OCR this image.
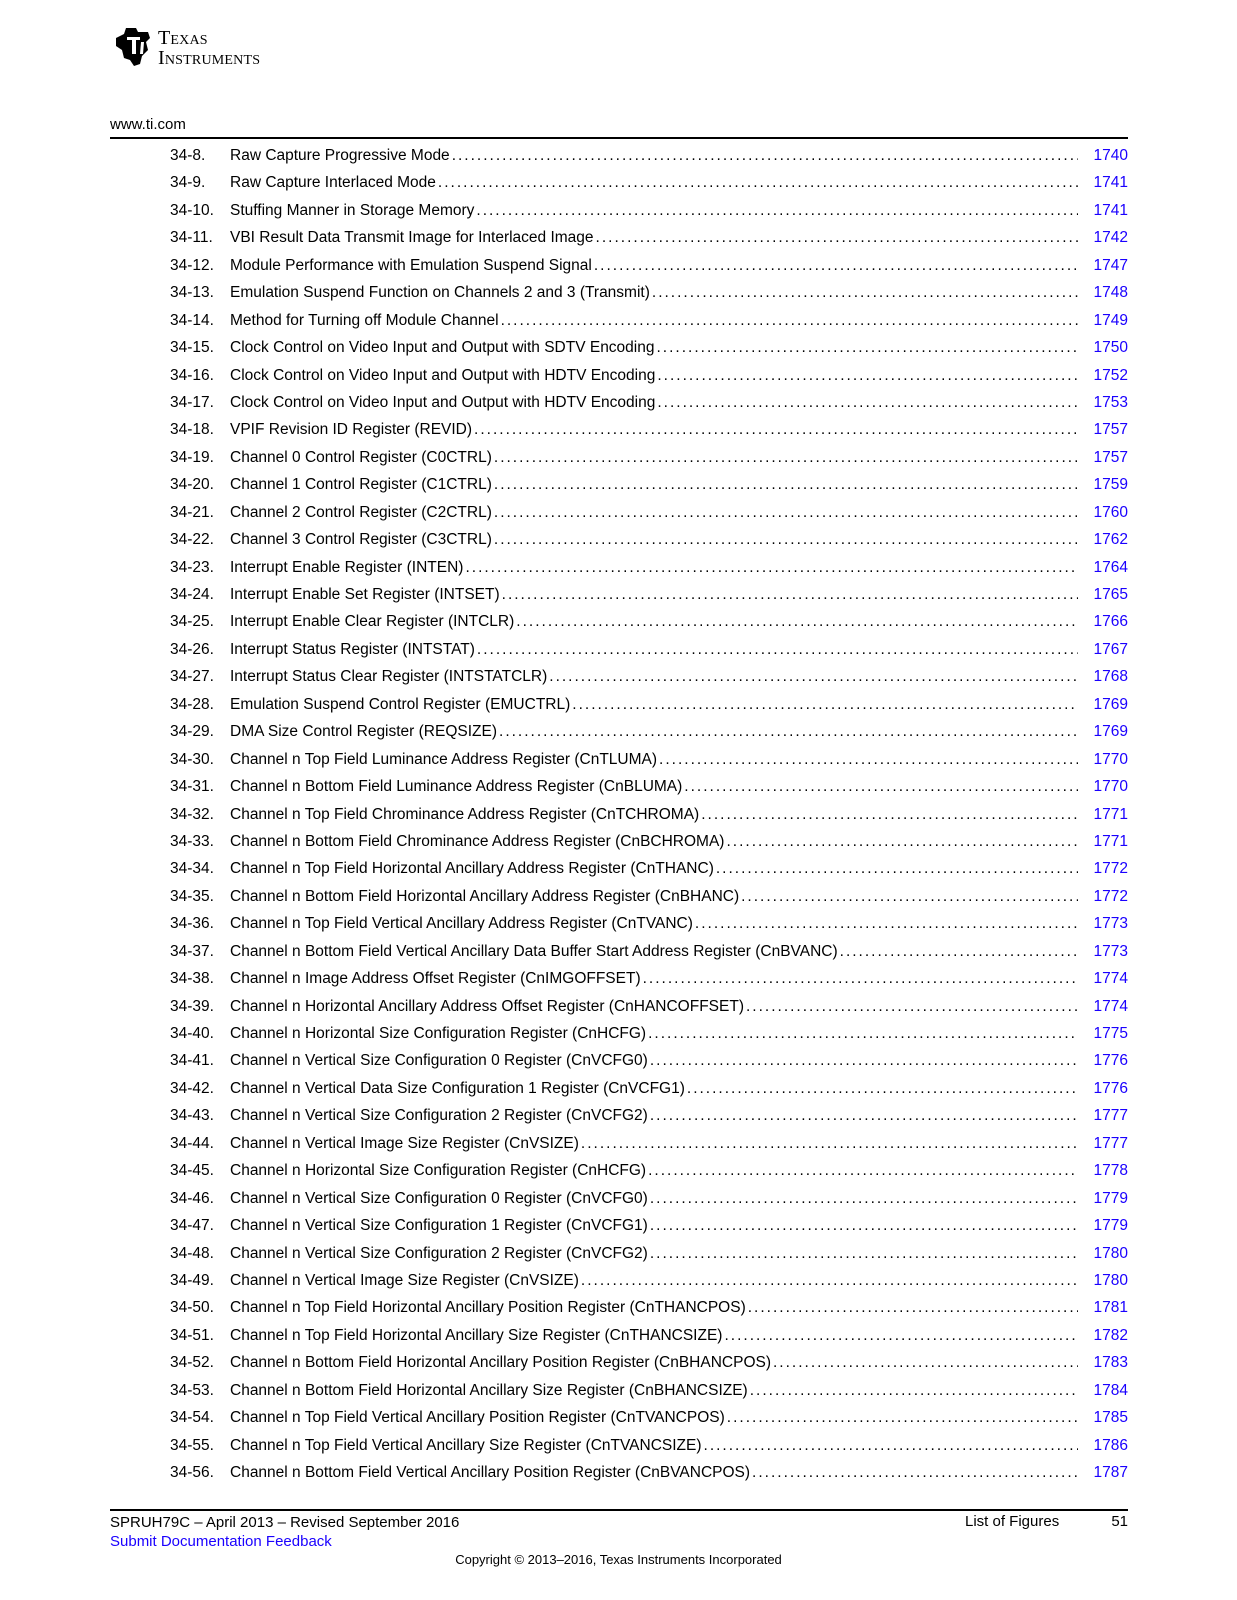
Texas
Instruments
www.ti.com
34-8.	Raw Capture Progressive Mode .....	1740
34-9.	Raw Capture Interlaced Mode .....	1741
34-10.	Stuffing Manner in Storage Memory .....	1741
34-11.	VBI Result Data Transmit Image for Interlaced Image .....	1742
34-12.	Module Performance with Emulation Suspend Signal .....	1747
34-13.	Emulation Suspend Function on Channels 2 and 3 (Transmit) .....	1748
34-14.	Method for Turning off Module Channel .....	1749
34-15.	Clock Control on Video Input and Output with SDTV Encoding .....	1750
34-16.	Clock Control on Video Input and Output with HDTV Encoding .....	1752
34-17.	Clock Control on Video Input and Output with HDTV Encoding .....	1753
34-18.	VPIF Revision ID Register (REVID) .....	1757
34-19.	Channel 0 Control Register (C0CTRL) .....	1757
34-20.	Channel 1 Control Register (C1CTRL) .....	1759
34-21.	Channel 2 Control Register (C2CTRL) .....	1760
34-22.	Channel 3 Control Register (C3CTRL) .....	1762
34-23.	Interrupt Enable Register (INTEN) .....	1764
34-24.	Interrupt Enable Set Register (INTSET) .....	1765
34-25.	Interrupt Enable Clear Register (INTCLR) .....	1766
34-26.	Interrupt Status Register (INTSTAT) .....	1767
34-27.	Interrupt Status Clear Register (INTSTATCLR) .....	1768
34-28.	Emulation Suspend Control Register (EMUCTRL) .....	1769
34-29.	DMA Size Control Register (REQSIZE) .....	1769
34-30.	Channel n Top Field Luminance Address Register (CnTLUMA) .....	1770
34-31.	Channel n Bottom Field Luminance Address Register (CnBLUMA) .....	1770
34-32.	Channel n Top Field Chrominance Address Register (CnTCHROMA) .....	1771
34-33.	Channel n Bottom Field Chrominance Address Register (CnBCHROMA) .....	1771
34-34.	Channel n Top Field Horizontal Ancillary Address Register (CnTHANC) .....	1772
34-35.	Channel n Bottom Field Horizontal Ancillary Address Register (CnBHANC) .....	1772
34-36.	Channel n Top Field Vertical Ancillary Address Register (CnTVANC) .....	1773
34-37.	Channel n Bottom Field Vertical Ancillary Data Buffer Start Address Register (CnBVANC) .....	1773
34-38.	Channel n Image Address Offset Register (CnIMGOFFSET) .....	1774
34-39.	Channel n Horizontal Ancillary Address Offset Register (CnHANCOFFSET) .....	1774
34-40.	Channel n Horizontal Size Configuration Register (CnHCFG) .....	1775
34-41.	Channel n Vertical Size Configuration 0 Register (CnVCFG0) .....	1776
34-42.	Channel n Vertical Data Size Configuration 1 Register (CnVCFG1) .....	1776
34-43.	Channel n Vertical Size Configuration 2 Register (CnVCFG2) .....	1777
34-44.	Channel n Vertical Image Size Register (CnVSIZE) .....	1777
34-45.	Channel n Horizontal Size Configuration Register (CnHCFG) .....	1778
34-46.	Channel n Vertical Size Configuration 0 Register (CnVCFG0) .....	1779
34-47.	Channel n Vertical Size Configuration 1 Register (CnVCFG1) .....	1779
34-48.	Channel n Vertical Size Configuration 2 Register (CnVCFG2) .....	1780
34-49.	Channel n Vertical Image Size Register (CnVSIZE) .....	1780
34-50.	Channel n Top Field Horizontal Ancillary Position Register (CnTHANCPOS) .....	1781
34-51.	Channel n Top Field Horizontal Ancillary Size Register (CnTHANCSIZE) .....	1782
34-52.	Channel n Bottom Field Horizontal Ancillary Position Register (CnBHANCPOS) .....	1783
34-53.	Channel n Bottom Field Horizontal Ancillary Size Register (CnBHANCSIZE) .....	1784
34-54.	Channel n Top Field Vertical Ancillary Position Register (CnTVANCPOS) .....	1785
34-55.	Channel n Top Field Vertical Ancillary Size Register (CnTVANCSIZE) .....	1786
34-56.	Channel n Bottom Field Vertical Ancillary Position Register (CnBVANCPOS) .....	1787
SPRUH79C – April 2013 – Revised September 2016
Submit Documentation Feedback
List of Figures	51
Copyright © 2013–2016, Texas Instruments Incorporated
